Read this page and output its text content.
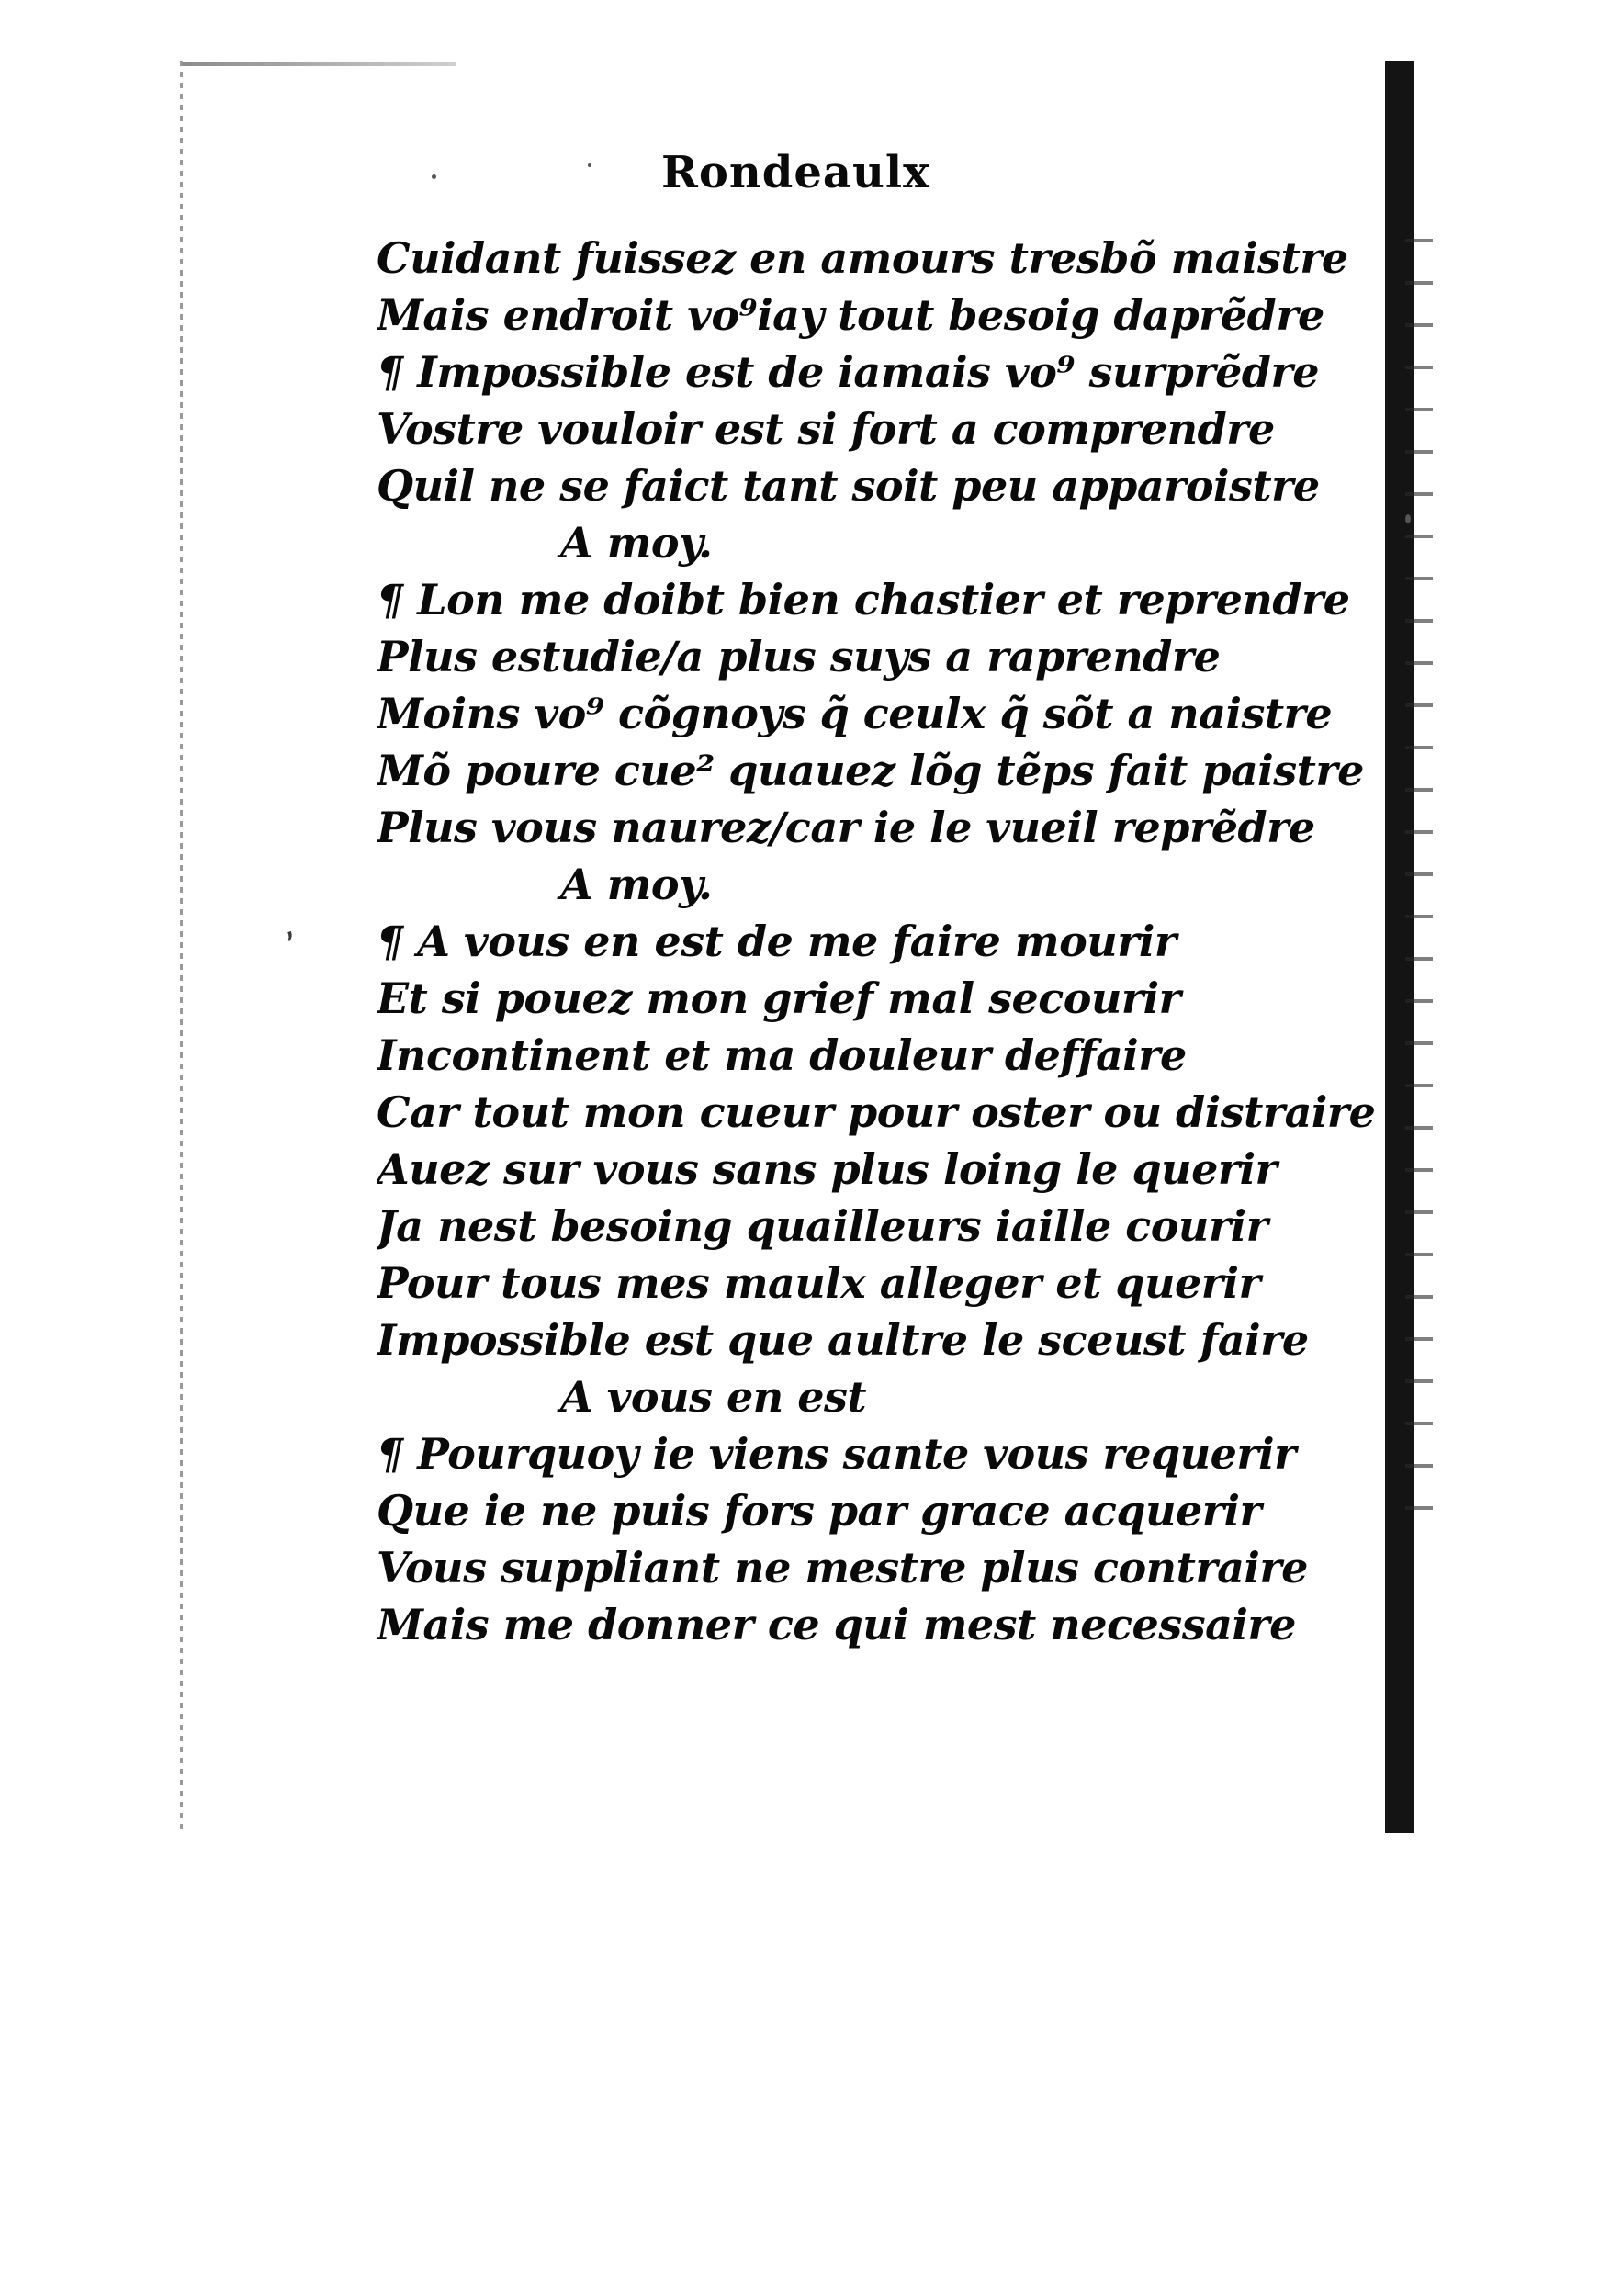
Rondeaulx
ʼ
Cuidant fuissez en amours tresbõ maistre
Mais endroit vo⁹iay tout besoig daprẽdre
¶ Impossible est de iamais vo⁹ surprẽdre
Vostre vouloir est si fort a comprendre
Quil ne se faict tant soit peu apparoistre
A moy.
¶ Lon me doibt bien chastier et reprendre
Plus estudie/a plus suys a raprendre
Moins vo⁹ cõgnoys q̃ ceulx q̃ sõt a naistre
Mõ poure cue² quauez lõg tẽps fait paistre
Plus vous naurez/car ie le vueil reprẽdre
A moy.
¶ A vous en est de me faire mourir
Et si pouez mon grief mal secourir
Incontinent et ma douleur deffaire
Car tout mon cueur pour oster ou distraire
Auez sur vous sans plus loing le querir
Ja nest besoing quailleurs iaille courir
Pour tous mes maulx alleger et querir
Impossible est que aultre le sceust faire
A vous en est
¶ Pourquoy ie viens sante vous requerir
Que ie ne puis fors par grace acquerir
Vous suppliant ne mestre plus contraire
Mais me donner ce qui mest necessaire
